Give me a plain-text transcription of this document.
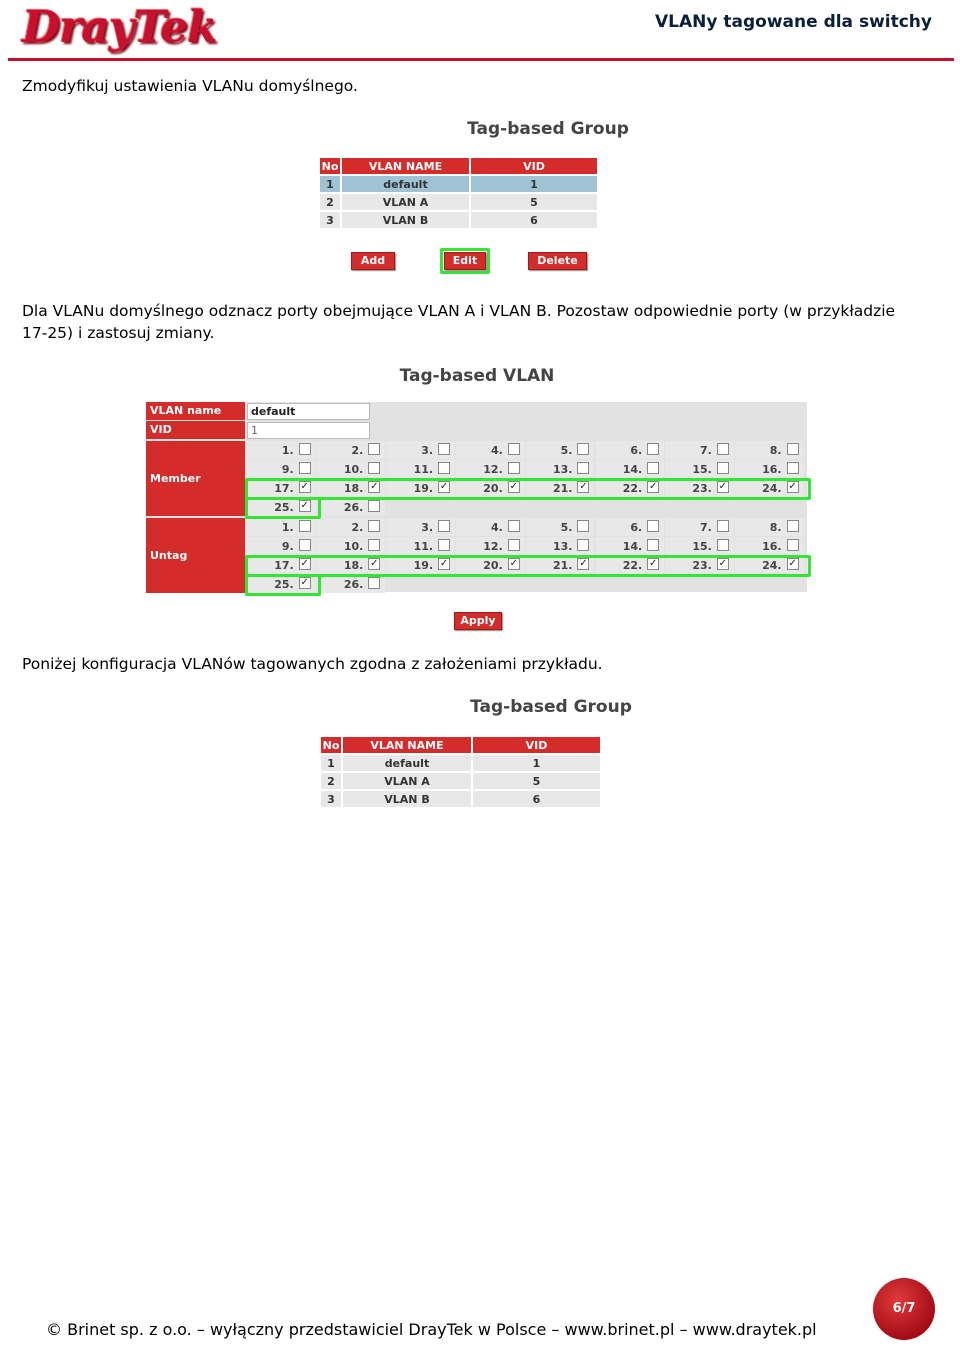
DrayTek	VLANy tagowane dla switchy
Zmodyfikuj ustawienia VLANu domyślnego.
Tag-based Group
No	VLAN NAME	VID
1	default	1
2	VLAN A	5
3	VLAN B	6
Add	Edit	Delete
Dla VLANu domyślnego odznacz porty obejmujące VLAN A i VLAN B. Pozostaw odpowiednie porty (w przykładzie
17-25) i zastosuj zmiany.
Tag-based VLAN
VLAN name	default
VID	1
Member
Untag
1.	2.	3.	4.	5.	6.	7.	8.
9.	10.	11.	12.	13.	14.	15.	16.
17. ✓	18. ✓	19. ✓	20. ✓	21. ✓	22. ✓	23. ✓	24. ✓
25. ✓	26.
1.	2.	3.	4.	5.	6.	7.	8.
9.	10.	11.	12.	13.	14.	15.	16.
17. ✓	18. ✓	19. ✓	20. ✓	21. ✓	22. ✓	23. ✓	24. ✓
25. ✓	26.
Apply
Poniżej konfiguracja VLANów tagowanych zgodna z założeniami przykładu.
Tag-based Group
No	VLAN NAME	VID
1	default	1
2	VLAN A	5
3	VLAN B	6
© Brinet sp. z o.o. – wyłączny przedstawiciel DrayTek w Polsce – www.brinet.pl – www.draytek.pl
6/7
